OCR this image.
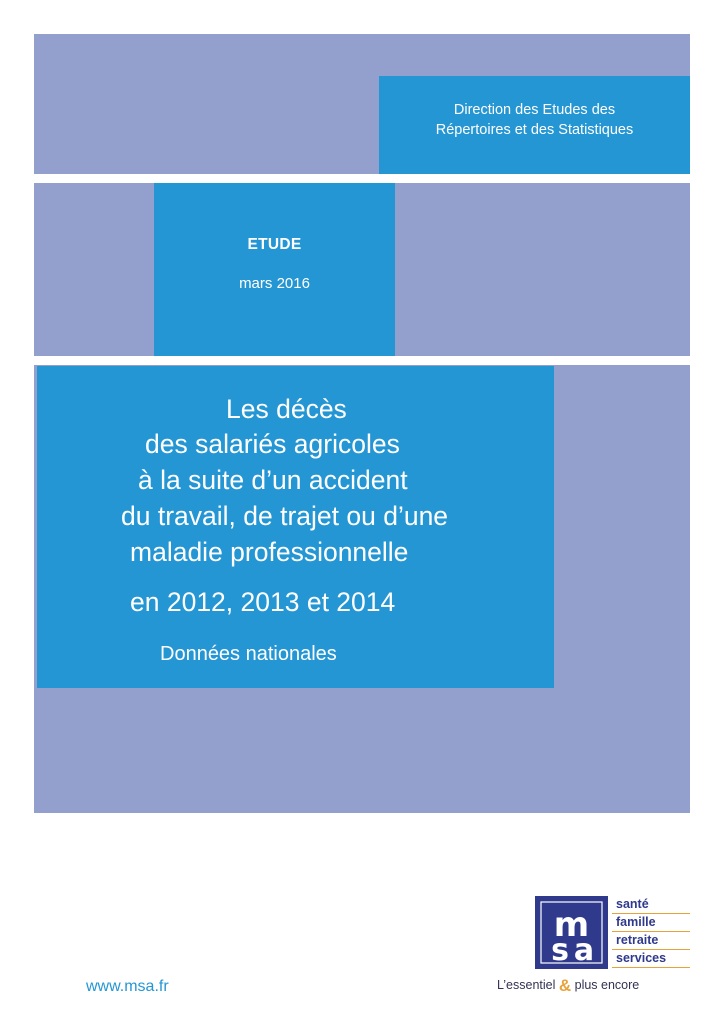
Direction des Etudes des
Répertoires et des Statistiques
ETUDE
mars 2016
Les décès
des salariés agricoles
à la suite d’un accident
du travail, de trajet ou d’une
maladie professionnelle
en 2012, 2013 et 2014
Données nationales
www.msa.fr
m
s a
santé
famille
retraite
services
L’essentiel & plus encore
